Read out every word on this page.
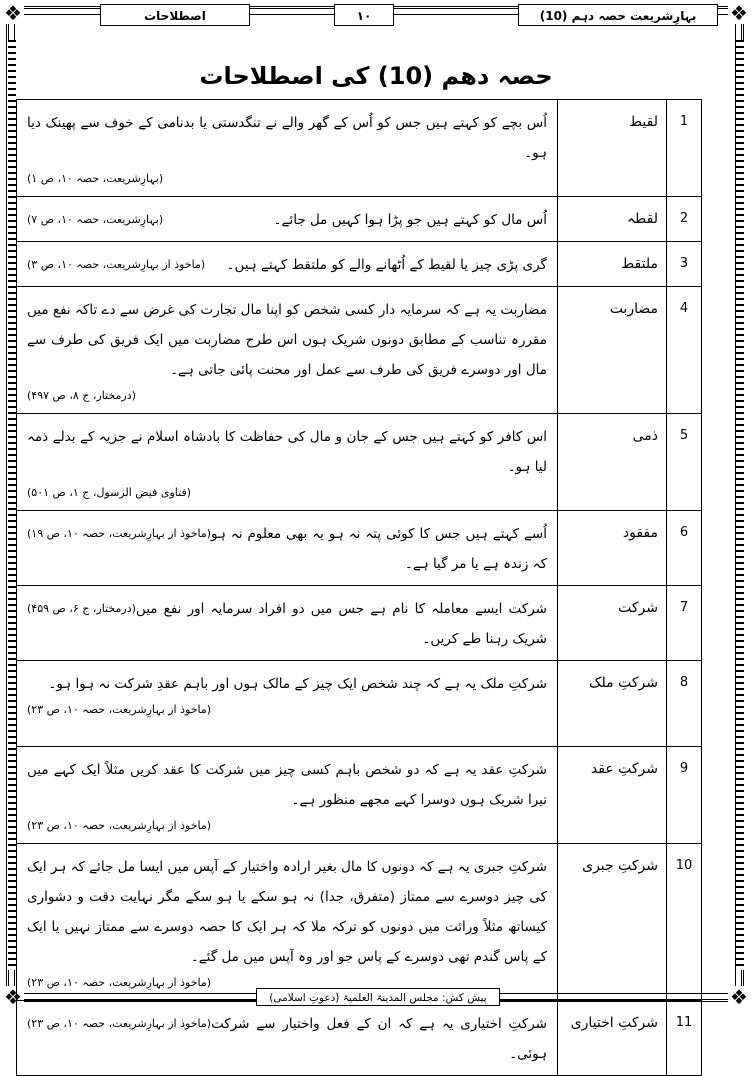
❖	❖
❖	❖
بہارِشریعت حصہ دہم (10)
۱۰
اصطلاحات
حصہ دھم (10) کی اصطلاحات
1	لقیط	اُس بچے کو کہتے ہیں جس کو اُس کے گھر والے نے تنگدستی یا بدنامی کے خوف سے پھینک دیا ہو۔
(بہارِشریعت، حصہ ۱۰، ص ۱)

2	لقطہ	(بہارِشریعت، حصہ ۱۰، ص ۷) اُس مال کو کہتے ہیں جو پڑا ہوا کہیں مل جائے۔
3	ملتقط	(ماخوذ از بہارِشریعت، حصہ ۱۰، ص ۳) گری پڑی چیز یا لقیط کے اُٹھانے والے کو ملتقط کہتے ہیں۔
4	مضاربت	مضاربت یہ ہے کہ سرمایہ دار کسی شخص کو اپنا مال تجارت کی غرض سے دے تاکہ نفع میں مقررہ تناسب کے مطابق دونوں شریک ہوں اس طرح مضاربت میں ایک فریق کی طرف سے مال اور دوسرے فریق کی طرف سے عمل اور محنت پائی جاتی ہے۔
(درمختار، ج ۸، ص ۴۹۷)

5	ذمی	اس کافر کو کہتے ہیں جس کے جان و مال کی حفاظت کا بادشاہ اسلام نے جزیہ کے بدلے ذمہ لیا ہو۔
(فتاوی فیض الرسول، ج ۱، ص ۵۰۱)

6	مفقود	(ماخوذ از بہارِشریعت، حصہ ۱۰، ص ۱۹) اُسے کہتے ہیں جس کا کوئی پتہ نہ ہو یہ بھی معلوم نہ ہو کہ زندہ ہے یا مر گیا ہے۔
7	شرکت	(درمختار، ج ۶، ص ۴۵۹) شرکت ایسے معاملہ کا نام ہے جس میں دو افراد سرمایہ اور نفع میں شریک رہنا طے کریں۔
8	شرکتِ ملک	شرکتِ ملک یہ ہے کہ چند شخص ایک چیز کے مالک ہوں اور باہم عقدِ شرکت نہ ہوا ہو۔
(ماخوذ از بہارِشریعت، حصہ ۱۰، ص ۲۳)

9	شرکتِ عقد	شرکتِ عقد یہ ہے کہ دو شخص باہم کسی چیز میں شرکت کا عقد کریں مثلاً ایک کہے میں تیرا شریک ہوں دوسرا کہے مجھے منظور ہے۔
(ماخوذ از بہارِشریعت، حصہ ۱۰، ص ۲۳)

10	شرکتِ جبری	شرکتِ جبری یہ ہے کہ دونوں کا مال بغیر ارادہ واختیار کے آپس میں ایسا مل جائے کہ ہر ایک کی چیز دوسرے سے ممتاز (متفرق، جدا) نہ ہو سکے یا ہو سکے مگر نہایت دقت و دشواری کیساتھ مثلاً وراثت میں دونوں کو ترکہ ملا کہ ہر ایک کا حصہ دوسرے سے ممتاز نہیں یا ایک کے پاس گندم تھی دوسرے کے پاس جو اور وہ آپس میں مل گئے۔
(ماخوذ از بہارِشریعت، حصہ ۱۰، ص ۲۳)

11	شرکتِ اختیاری	(ماخوذ از بہارِشریعت، حصہ ۱۰، ص ۲۳) شرکتِ اختیاری یہ ہے کہ ان کے فعل واختیار سے شرکت ہوئی۔
پیش کش: مجلس المدینۃ العلمیۃ (دعوتِ اسلامی)
